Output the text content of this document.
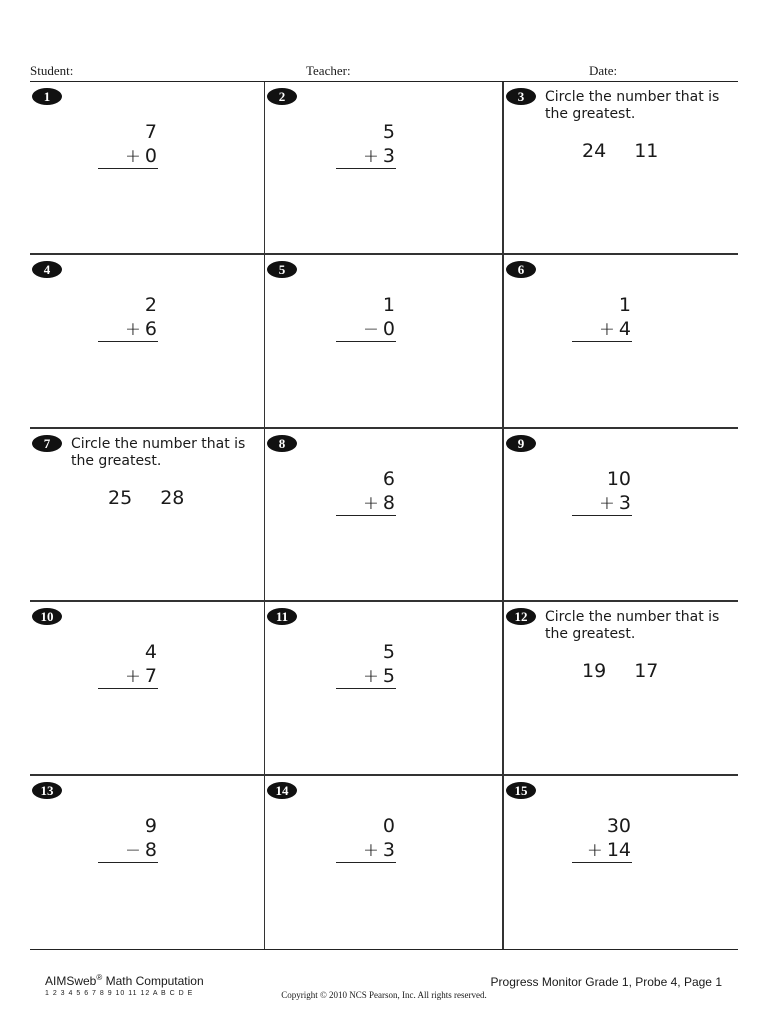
Student:	Teacher:	Date:
1
7
+ 0
2
5
+ 3
3	Circle the number that is the greatest.
24 11
4
2
+ 6
5
1
− 0
6
1
+ 4
7	Circle the number that is the greatest.
25 28
8
6
+ 8
9
10
+ 3
10
4
+ 7
11
5
+ 5
12	Circle the number that is the greatest.
19 17
13
9
− 8
14
0
+ 3
15
30
+ 14
AIMSweb® Math Computation
1 2 3 4 5 6 7 8 9 10 11 12 A B C D E	Copyright © 2010 NCS Pearson, Inc. All rights reserved.
Progress Monitor Grade 1, Probe 4, Page 1
